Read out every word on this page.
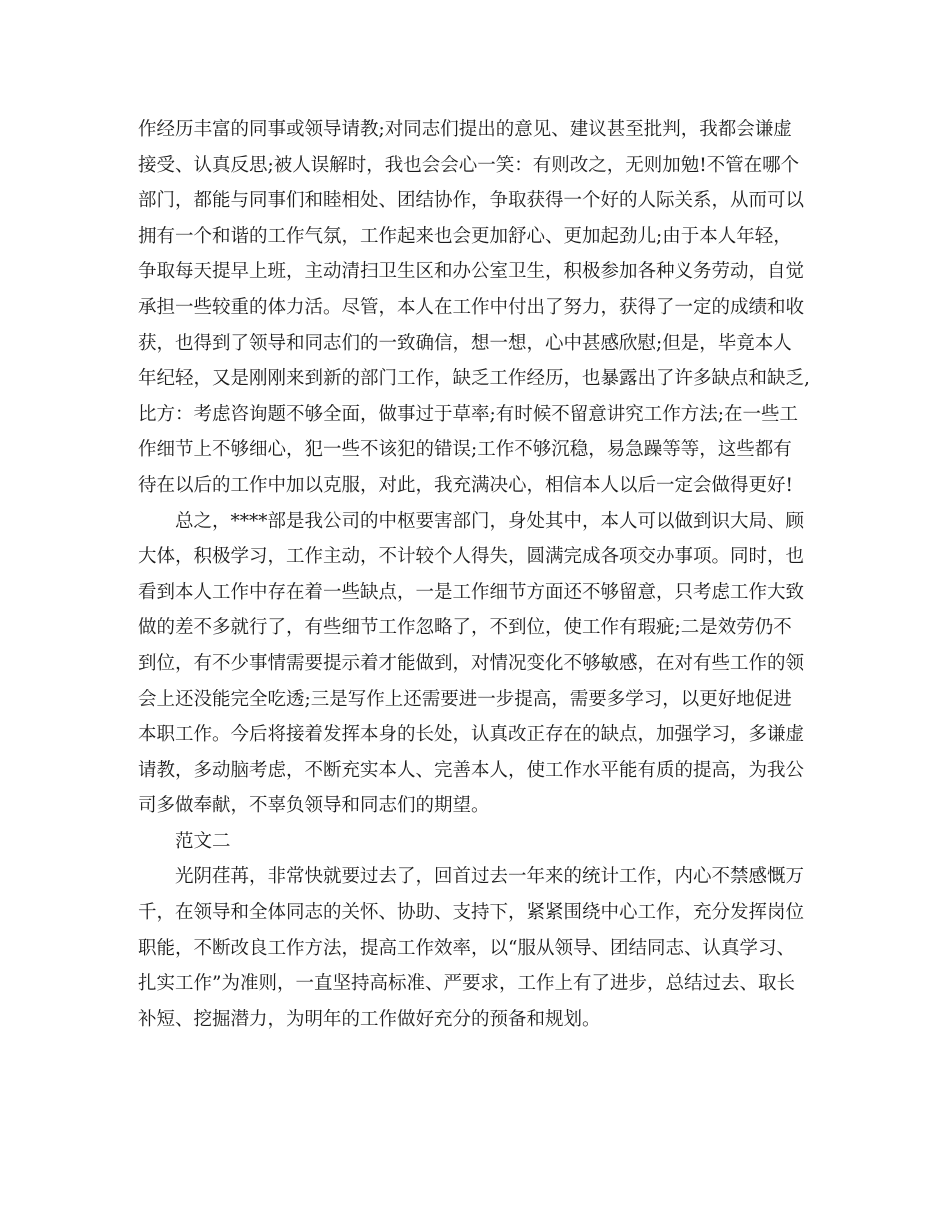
作经历丰富的同事或领导请教;对同志们提出的意见、建议甚至批判，我都会谦虚
接受、认真反思;被人误解时，我也会会心一笑：有则改之，无则加勉!不管在哪个
部门，都能与同事们和睦相处、团结协作，争取获得一个好的人际关系，从而可以
拥有一个和谐的工作气氛，工作起来也会更加舒心、更加起劲儿;由于本人年轻，
争取每天提早上班，主动清扫卫生区和办公室卫生，积极参加各种义务劳动，自觉
承担一些较重的体力活。尽管，本人在工作中付出了努力，获得了一定的成绩和收
获，也得到了领导和同志们的一致确信，想一想，心中甚感欣慰;但是，毕竟本人
年纪轻，又是刚刚来到新的部门工作，缺乏工作经历，也暴露出了许多缺点和缺乏,
比方：考虑咨询题不够全面，做事过于草率;有时候不留意讲究工作方法;在一些工
作细节上不够细心，犯一些不该犯的错误;工作不够沉稳，易急躁等等，这些都有
待在以后的工作中加以克服，对此，我充满决心，相信本人以后一定会做得更好!
总之，****部是我公司的中枢要害部门，身处其中，本人可以做到识大局、顾
大体，积极学习，工作主动，不计较个人得失，圆满完成各项交办事项。同时，也
看到本人工作中存在着一些缺点，一是工作细节方面还不够留意，只考虑工作大致
做的差不多就行了，有些细节工作忽略了，不到位，使工作有瑕疵;二是效劳仍不
到位，有不少事情需要提示着才能做到，对情况变化不够敏感，在对有些工作的领
会上还没能完全吃透;三是写作上还需要进一步提高，需要多学习，以更好地促进
本职工作。今后将接着发挥本身的长处，认真改正存在的缺点，加强学习，多谦虚
请教，多动脑考虑，不断充实本人、完善本人，使工作水平能有质的提高，为我公
司多做奉献，不辜负领导和同志们的期望。
范文二
光阴荏苒，非常快就要过去了，回首过去一年来的统计工作，内心不禁感慨万
千，在领导和全体同志的关怀、协助、支持下，紧紧围绕中心工作，充分发挥岗位
职能，不断改良工作方法，提高工作效率，以“服从领导、团结同志、认真学习、
扎实工作”为准则，一直坚持高标准、严要求，工作上有了进步，总结过去、取长
补短、挖掘潜力，为明年的工作做好充分的预备和规划。
